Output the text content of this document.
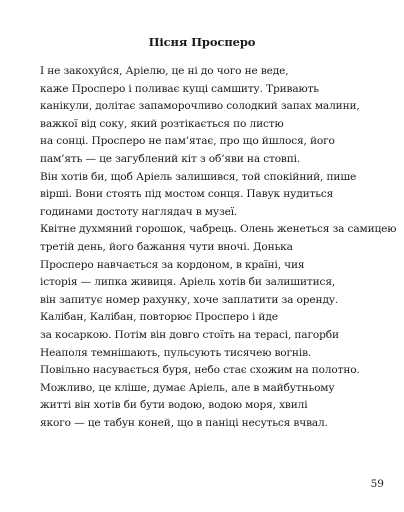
Пісня Просперо
І не закохуйся, Аріелю, це ні до чого не веде,
каже Просперо і поливає кущі самшиту. Тривають
канікули, долітає запаморочливо солодкий запах малини,
важкої від соку, який розтікається по листю
на сонці. Просперо не пам’ятає, про що йшлося, його
пам’ять — це загублений кіт з об’яви на стовпі.
Він хотів би, щоб Аріель залишився, той спокійний, пише
вірші. Вони стоять під мостом сонця. Павук нудиться
годинами достоту наглядач в музеї.
Квітне духмяний горошок, чабрець. Олень женеться за самицею
третій день, його бажання чути вночі. Донька
Просперо навчається за кордоном, в країні, чия
історія — липка живиця. Аріель хотів би залишитися,
він запитує номер рахунку, хоче заплатити за оренду.
Калібан, Калібан, повторює Просперо і йде
за косаркою. Потім він довго стоїть на терасі, пагорби
Неаполя темнішають, пульсують тисячею вогнів.
Повільно насувається буря, небо стає схожим на полотно.
Можливо, це кліше, думає Аріель, але в майбутньому
житті він хотів би бути водою, водою моря, хвилі
якого — це табун коней, що в паніці несуться вчвал.
59
